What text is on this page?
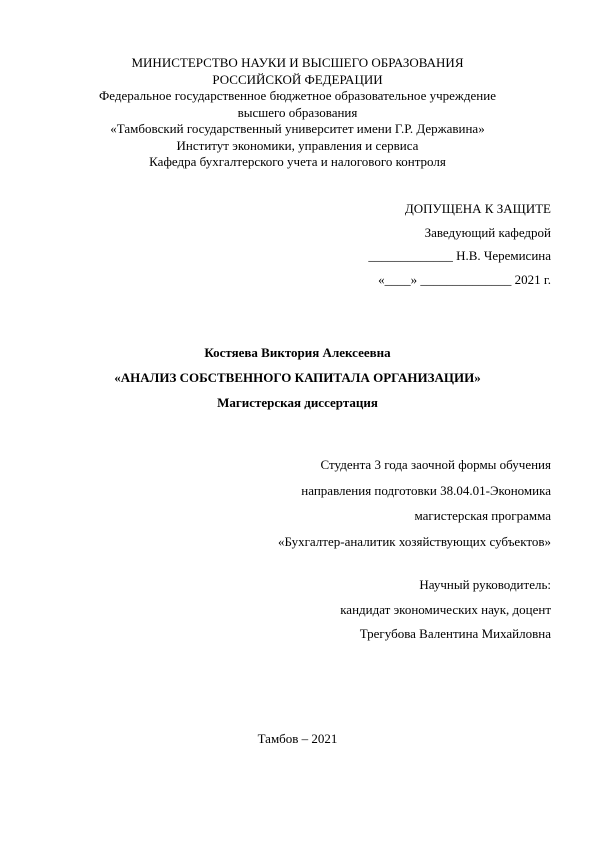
МИНИСТЕРСТВО НАУКИ И ВЫСШЕГО ОБРАЗОВАНИЯ
РОССИЙСКОЙ ФЕДЕРАЦИИ
Федеральное государственное бюджетное образовательное учреждение
высшего образования
«Тамбовский государственный университет имени Г.Р. Державина»
Институт экономики, управления и сервиса
Кафедра бухгалтерского учета и налогового контроля
ДОПУЩЕНА К ЗАЩИТЕ
Заведующий кафедрой
_____________ Н.В. Черемисина
«____» ______________ 2021 г.
Костяева Виктория Алексеевна
«АНАЛИЗ СОБСТВЕННОГО КАПИТАЛА ОРГАНИЗАЦИИ»
Магистерская диссертация
Студента 3 года заочной формы обучения
направления подготовки 38.04.01-Экономика
магистерская программа
«Бухгалтер-аналитик хозяйствующих субъектов»
Научный руководитель:
кандидат экономических наук, доцент
Трегубова Валентина Михайловна
Тамбов – 2021
